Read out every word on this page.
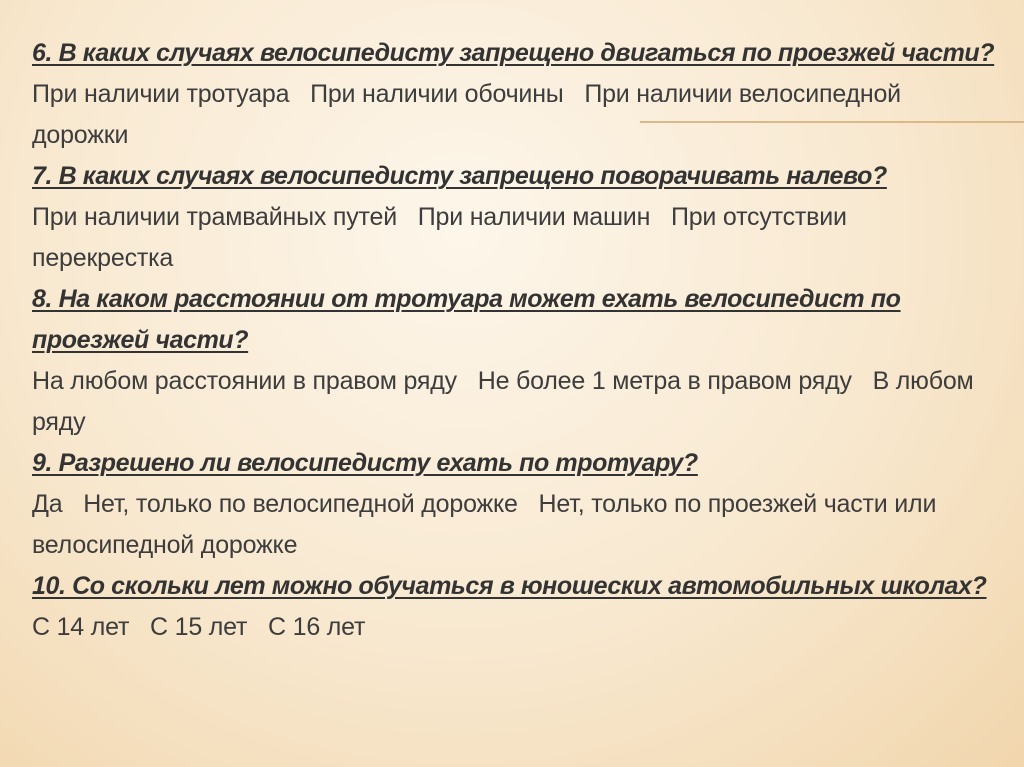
6. В каких случаях велосипедисту запрещено двигаться по проезжей части?

При наличии тротуара При наличии обочины При наличии велосипедной дорожки

7. В каких случаях велосипедисту запрещено поворачивать налево?

При наличии трамвайных путей При наличии машин При отсутствии перекрестка

8. На каком расстоянии от тротуара может ехать велосипедист по проезжей части?

На любом расстоянии в правом ряду Не более 1 метра в правом ряду В любом ряду

9. Разрешено ли велосипедисту ехать по тротуару?

Да Нет, только по велосипедной дорожке Нет, только по проезжей части или велосипедной дорожке

10. Со скольки лет можно обучаться в юношеских автомобильных школах?

С 14 лет С 15 лет С 16 лет
